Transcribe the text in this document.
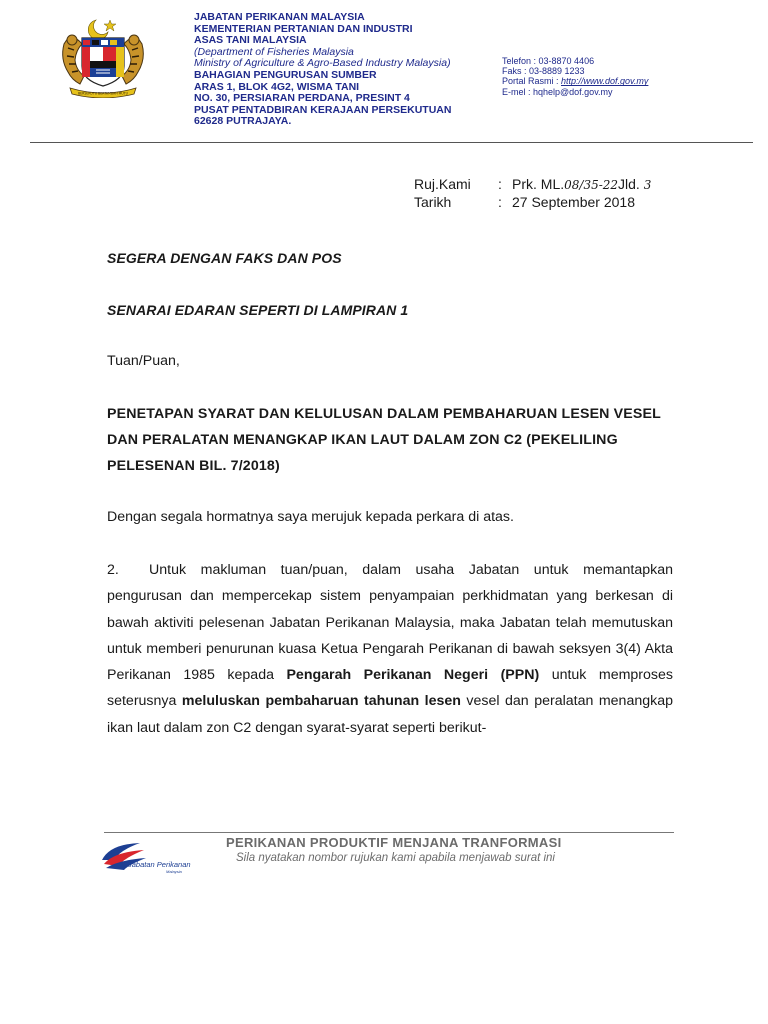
BERSEKUTU BERTAMBAH MUTU
JABATAN PERIKANAN MALAYSIA
KEMENTERIAN PERTANIAN DAN INDUSTRI
ASAS TANI MALAYSIA
(Department of Fisheries Malaysia
Ministry of Agriculture & Agro-Based Industry Malaysia)
BAHAGIAN PENGURUSAN SUMBER
ARAS 1, BLOK 4G2, WISMA TANI
NO. 30, PERSIARAN PERDANA, PRESINT 4
PUSAT PENTADBIRAN KERAJAAN PERSEKUTUAN
62628 PUTRAJAYA.
Telefon : 03-8870 4406
Faks : 03-8889 1233
Portal Rasmi : http://www.dof.gov.my
E-mel : hqhelp@dof.gov.my
Ruj.Kami	: Prk. ML.08/35-22Jld. 3
Tarikh	: 27 September 2018
SEGERA DENGAN FAKS DAN POS
SENARAI EDARAN SEPERTI DI LAMPIRAN 1
Tuan/Puan,
PENETAPAN SYARAT DAN KELULUSAN DALAM PEMBAHARUAN LESEN VESEL DAN PERALATAN MENANGKAP IKAN LAUT DALAM ZON C2 (PEKELILING PELESENAN BIL. 7/2018)
Dengan segala hormatnya saya merujuk kepada perkara di atas.
2. Untuk makluman tuan/puan, dalam usaha Jabatan untuk memantapkan pengurusan dan mempercekap sistem penyampaian perkhidmatan yang berkesan di bawah aktiviti pelesenan Jabatan Perikanan Malaysia, maka Jabatan telah memutuskan untuk memberi penurunan kuasa Ketua Pengarah Perikanan di bawah seksyen 3(4) Akta Perikanan 1985 kepada Pengarah Perikanan Negeri (PPN) untuk memproses seterusnya meluluskan pembaharuan tahunan lesen vesel dan peralatan menangkap ikan laut dalam zon C2 dengan syarat-syarat seperti berikut-
Jabatan Perikanan
Malaysia
PERIKANAN PRODUKTIF MENJANA TRANFORMASI
Sila nyatakan nombor rujukan kami apabila menjawab surat ini
